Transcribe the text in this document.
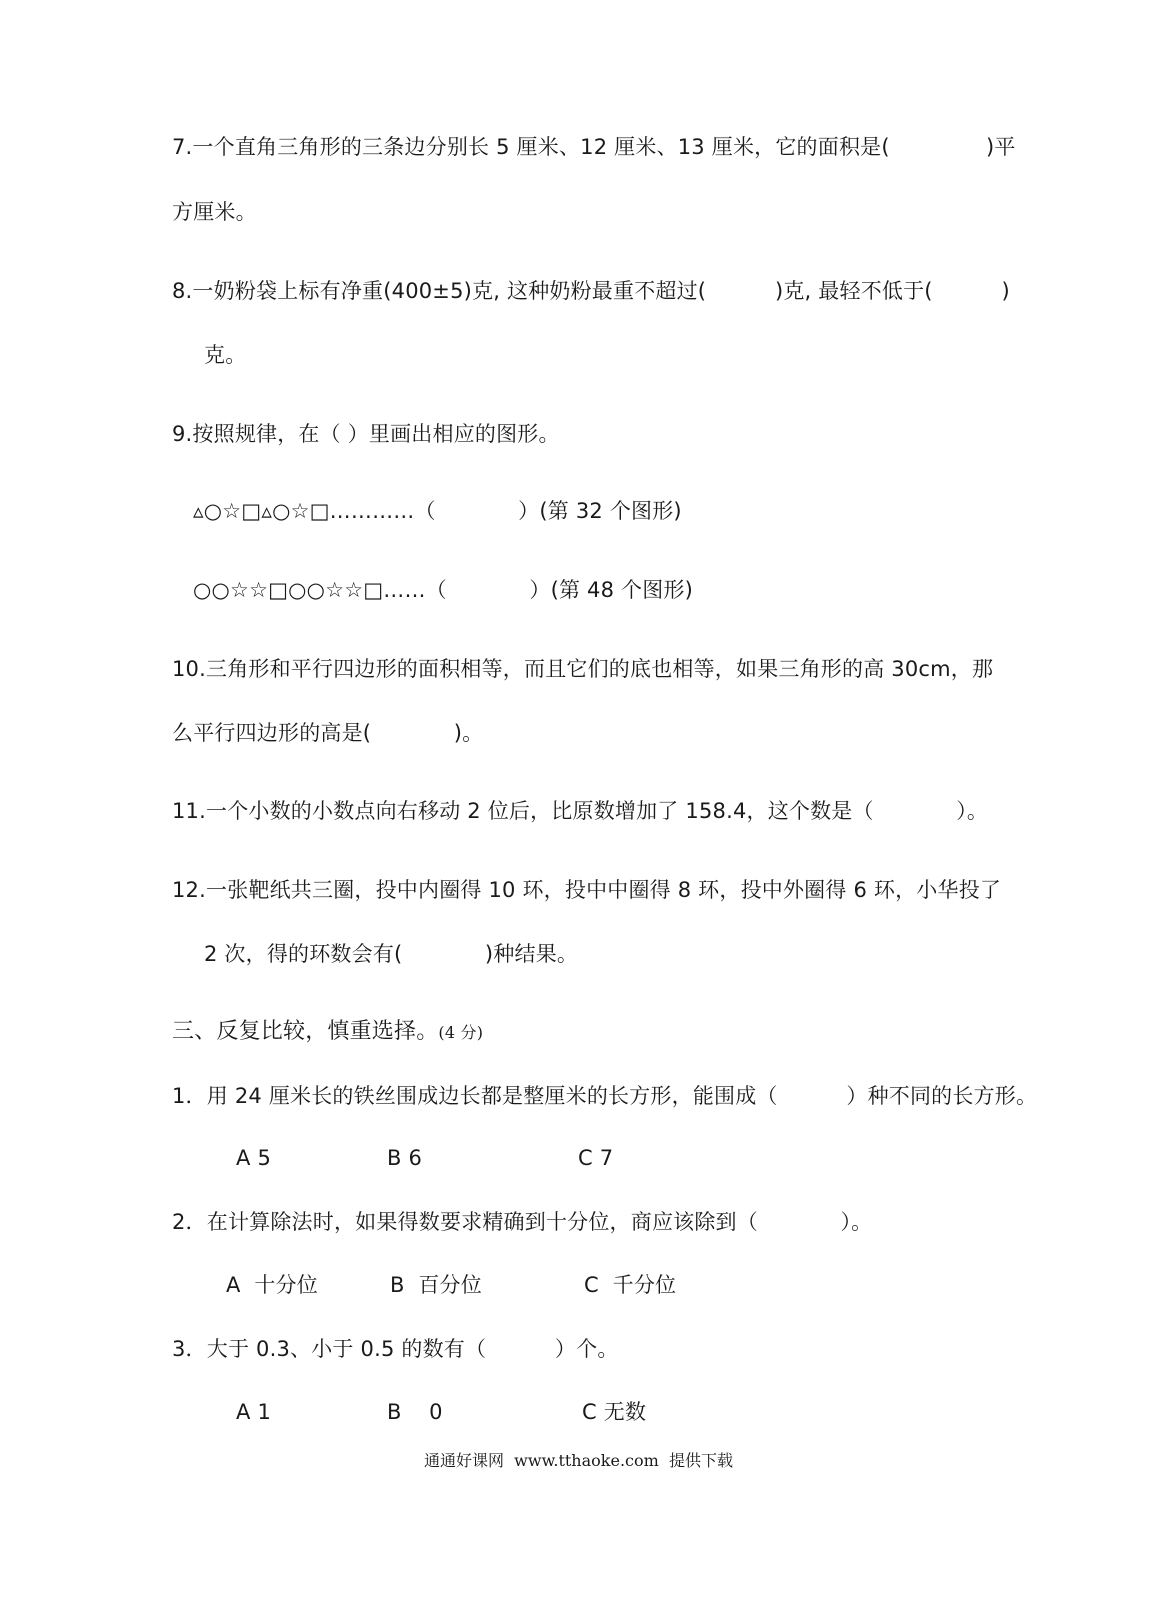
7.一个直角三角形的三条边分别长 5 厘米、12 厘米、13 厘米，它的面积是(              )平
方厘米。
8.一奶粉袋上标有净重(400±5)克, 这种奶粉最重不超过(          )克, 最轻不低于(          )
克。
9.按照规律，在（ ）里画出相应的图形。
▵○☆□▵○☆□…………（            ）(第 32 个图形)
○○☆☆□○○☆☆□……（            ）(第 48 个图形)
10.三角形和平行四边形的面积相等，而且它们的底也相等，如果三角形的高 30cm，那
么平行四边形的高是(            )。
11.一个小数的小数点向右移动 2 位后，比原数增加了 158.4，这个数是（            ）。
12.一张靶纸共三圈，投中内圈得 10 环，投中中圈得 8 环，投中外圈得 6 环，小华投了
2 次，得的环数会有(            )种结果。
三、反复比较，慎重选择。(4 分)
1．用 24 厘米长的铁丝围成边长都是整厘米的长方形，能围成（          ）种不同的长方形。
A 5	B 6	C 7
2．在计算除法时，如果得数要求精确到十分位，商应该除到（            ）。
A  十分位	B  百分位	C  千分位
3．大于 0.3、小于 0.5 的数有（          ）个。
A 1	B    0	C 无数
通通好课网  www.tthaoke.com  提供下载
